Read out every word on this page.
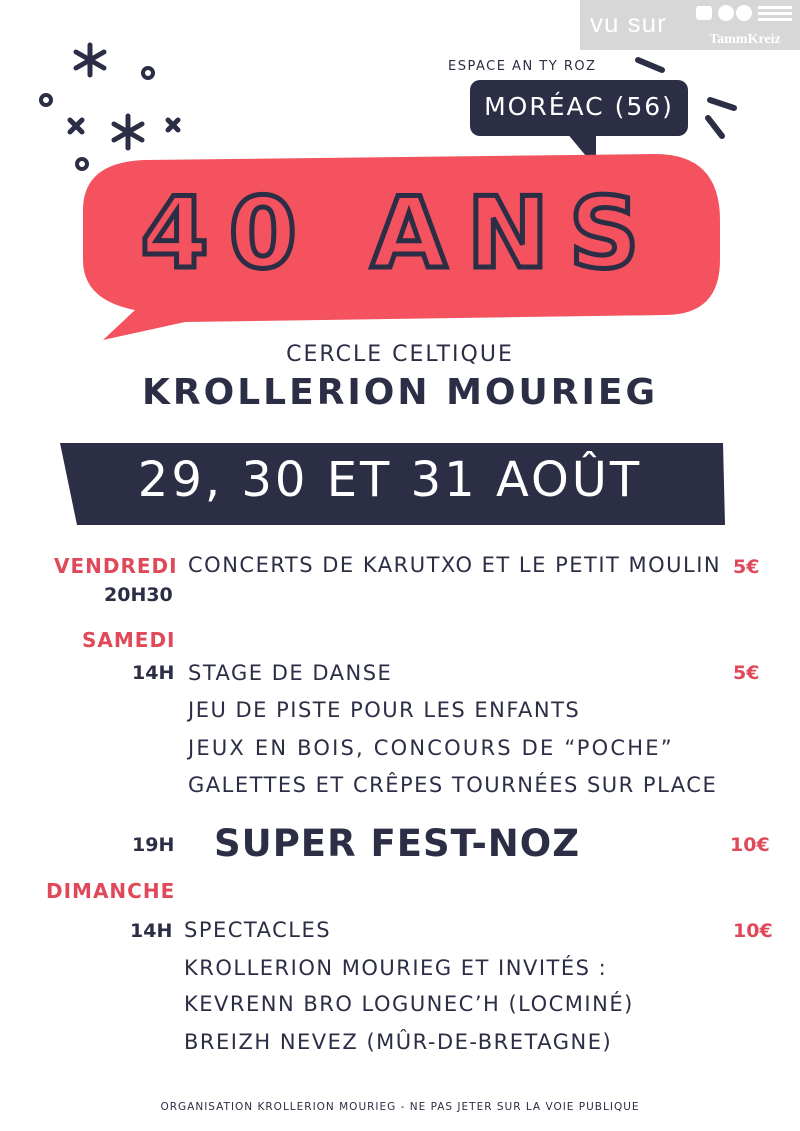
vu sur
TammKreiz
ESPACE AN TY ROZ
MORÉAC (56)
40 ANS
CERCLE CELTIQUE
KROLLERION MOURIEG
29, 30 ET 31 AOÛT
VENDREDI
20H30
CONCERTS DE KARUTXO ET LE PETIT MOULIN 5€
SAMEDI
14H STAGE DE DANSE	5€
JEU DE PISTE POUR LES ENFANTS
JEUX EN BOIS, CONCOURS DE “POCHE”
GALETTES ET CRÊPES TOURNÉES SUR PLACE
19H SUPER FEST-NOZ	10€
DIMANCHE
14H SPECTACLES	10€
KROLLERION MOURIEG ET INVITÉS :
KEVRENN BRO LOGUNEC’H (LOCMINÉ)
BREIZH NEVEZ (MÛR-DE-BRETAGNE)
ORGANISATION KROLLERION MOURIEG - NE PAS JETER SUR LA VOIE PUBLIQUE
